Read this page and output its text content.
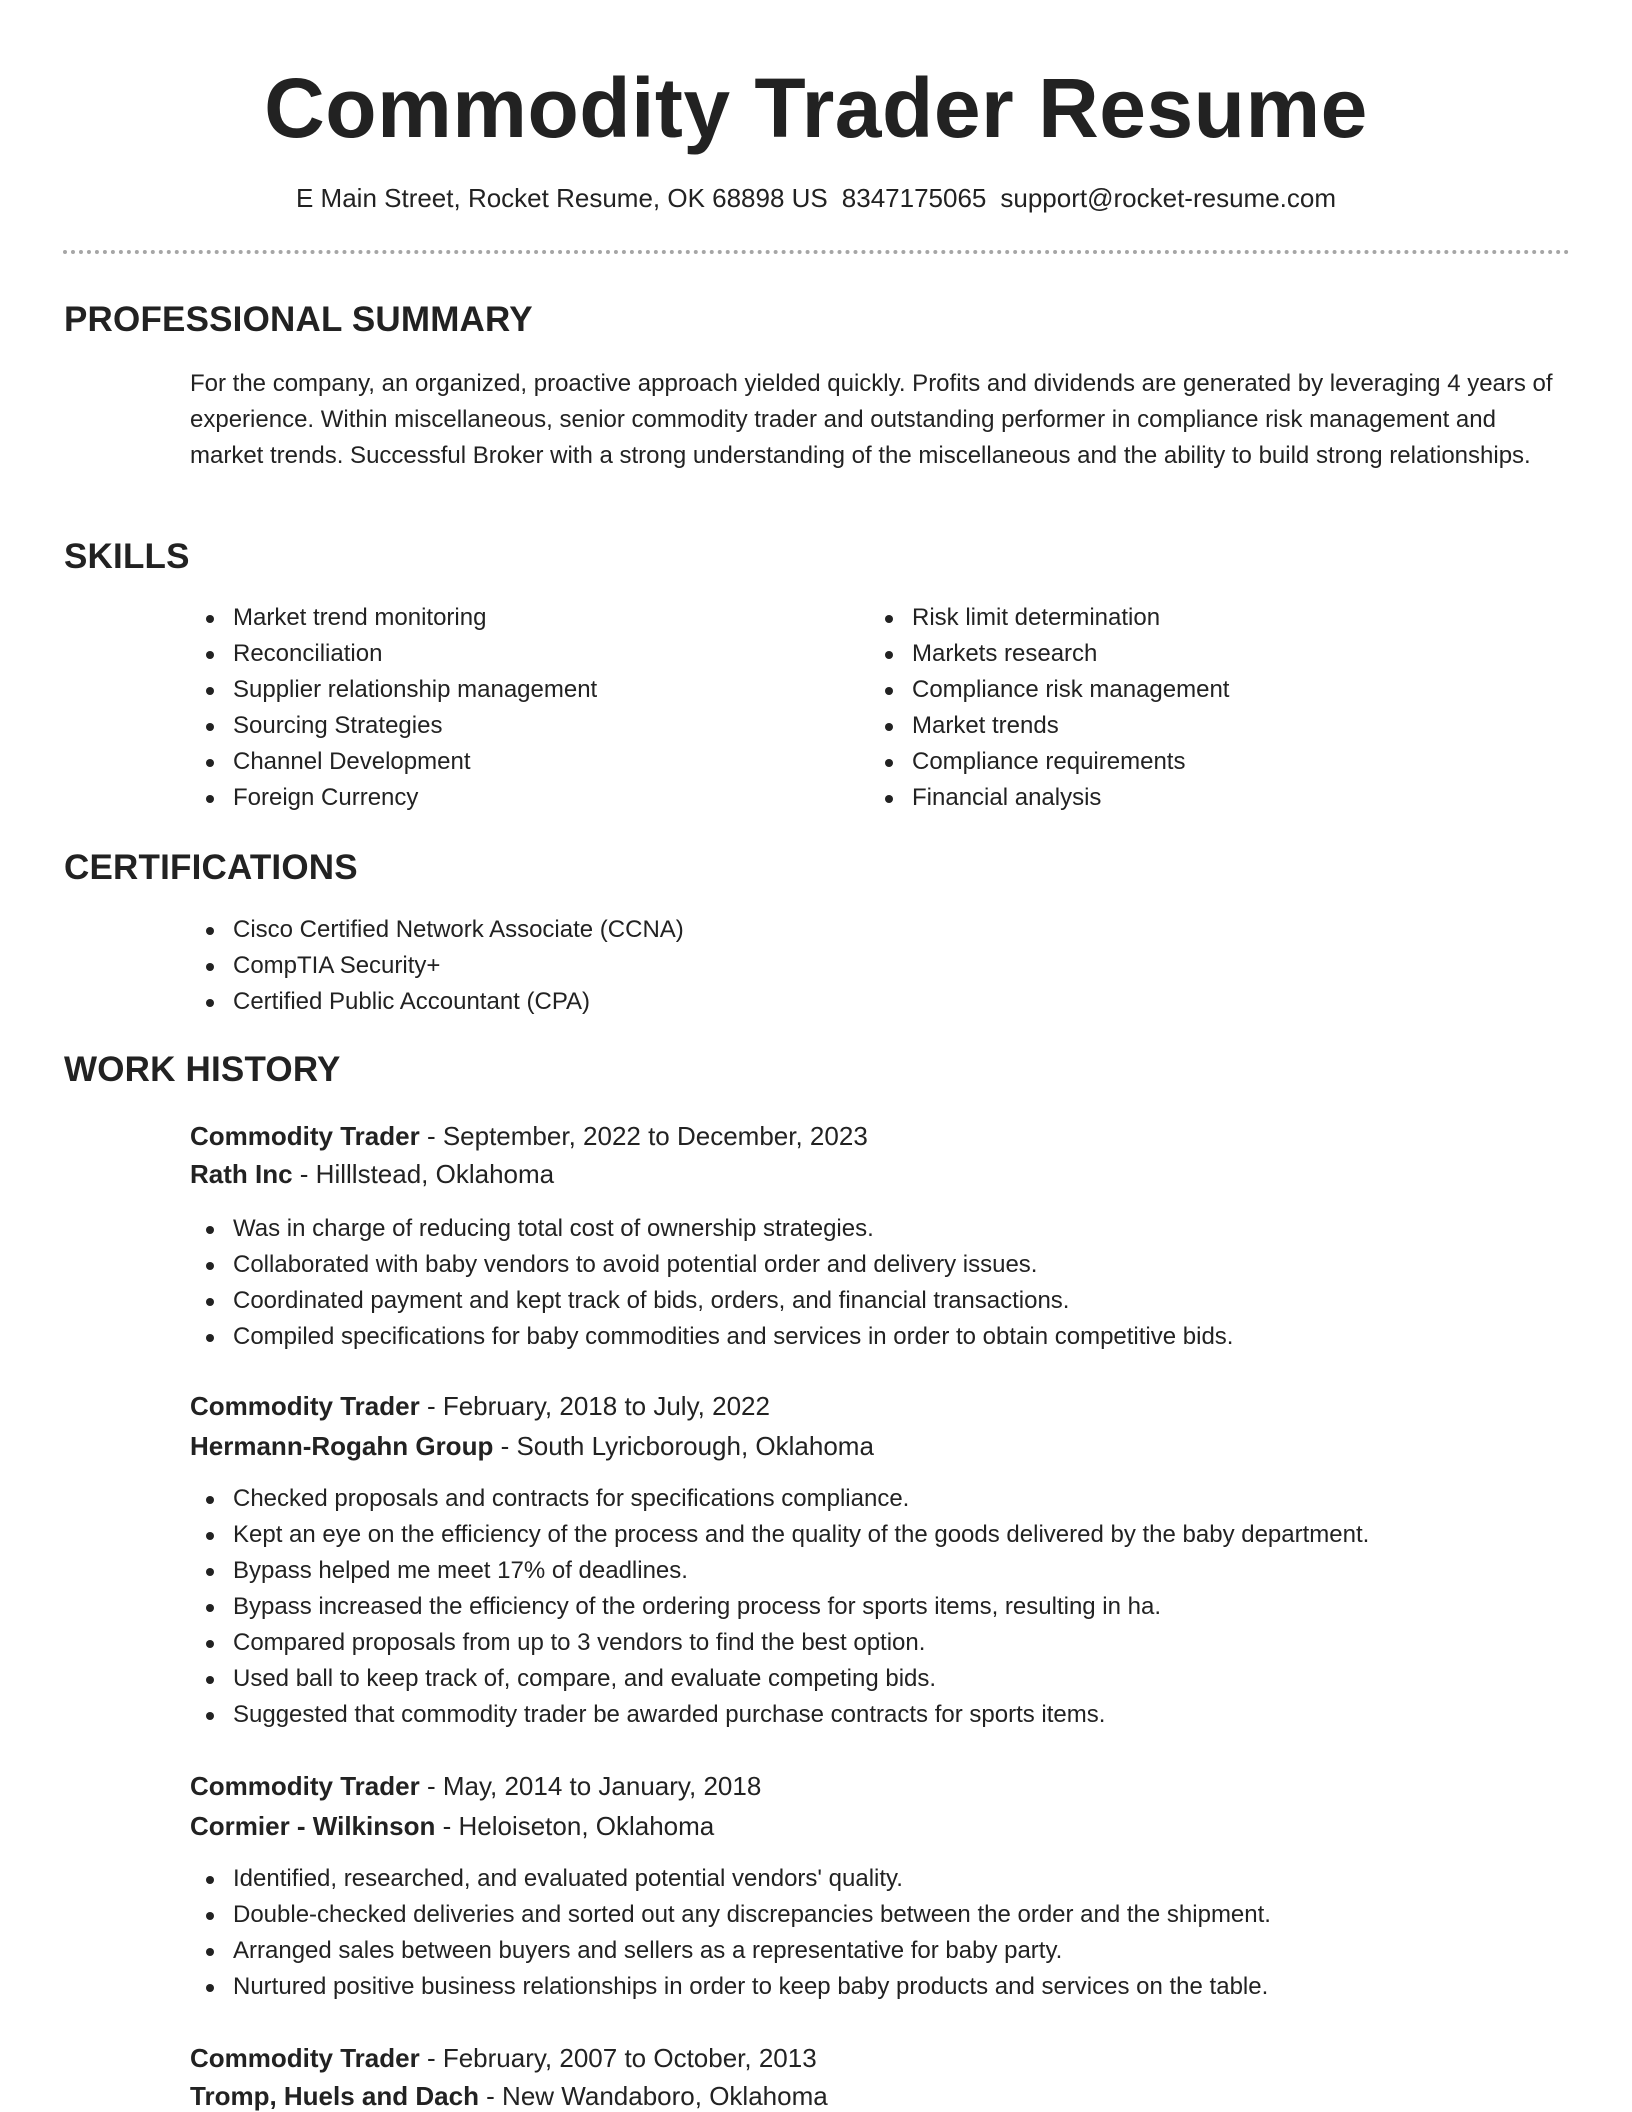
Commodity Trader Resume
E Main Street, Rocket Resume, OK 68898 US 8347175065 support@rocket-resume.com
PROFESSIONAL SUMMARY
For the company, an organized, proactive approach yielded quickly. Profits and dividends are generated by leveraging 4 years of experience. Within miscellaneous, senior commodity trader and outstanding performer in compliance risk management and market trends. Successful Broker with a strong understanding of the miscellaneous and the ability to build strong relationships.
SKILLS
Market trend monitoring
Reconciliation
Supplier relationship management
Sourcing Strategies
Channel Development
Foreign Currency
Risk limit determination
Markets research
Compliance risk management
Market trends
Compliance requirements
Financial analysis
CERTIFICATIONS
Cisco Certified Network Associate (CCNA)
CompTIA Security+
Certified Public Accountant (CPA)
WORK HISTORY
Commodity Trader - September, 2022 to December, 2023
Rath Inc - Hilllstead, Oklahoma
Was in charge of reducing total cost of ownership strategies.
Collaborated with baby vendors to avoid potential order and delivery issues.
Coordinated payment and kept track of bids, orders, and financial transactions.
Compiled specifications for baby commodities and services in order to obtain competitive bids.
Commodity Trader - February, 2018 to July, 2022
Hermann-Rogahn Group - South Lyricborough, Oklahoma
Checked proposals and contracts for specifications compliance.
Kept an eye on the efficiency of the process and the quality of the goods delivered by the baby department.
Bypass helped me meet 17% of deadlines.
Bypass increased the efficiency of the ordering process for sports items, resulting in ha.
Compared proposals from up to 3 vendors to find the best option.
Used ball to keep track of, compare, and evaluate competing bids.
Suggested that commodity trader be awarded purchase contracts for sports items.
Commodity Trader - May, 2014 to January, 2018
Cormier - Wilkinson - Heloiseton, Oklahoma
Identified, researched, and evaluated potential vendors' quality.
Double-checked deliveries and sorted out any discrepancies between the order and the shipment.
Arranged sales between buyers and sellers as a representative for baby party.
Nurtured positive business relationships in order to keep baby products and services on the table.
Commodity Trader - February, 2007 to October, 2013
Tromp, Huels and Dach - New Wandaboro, Oklahoma
